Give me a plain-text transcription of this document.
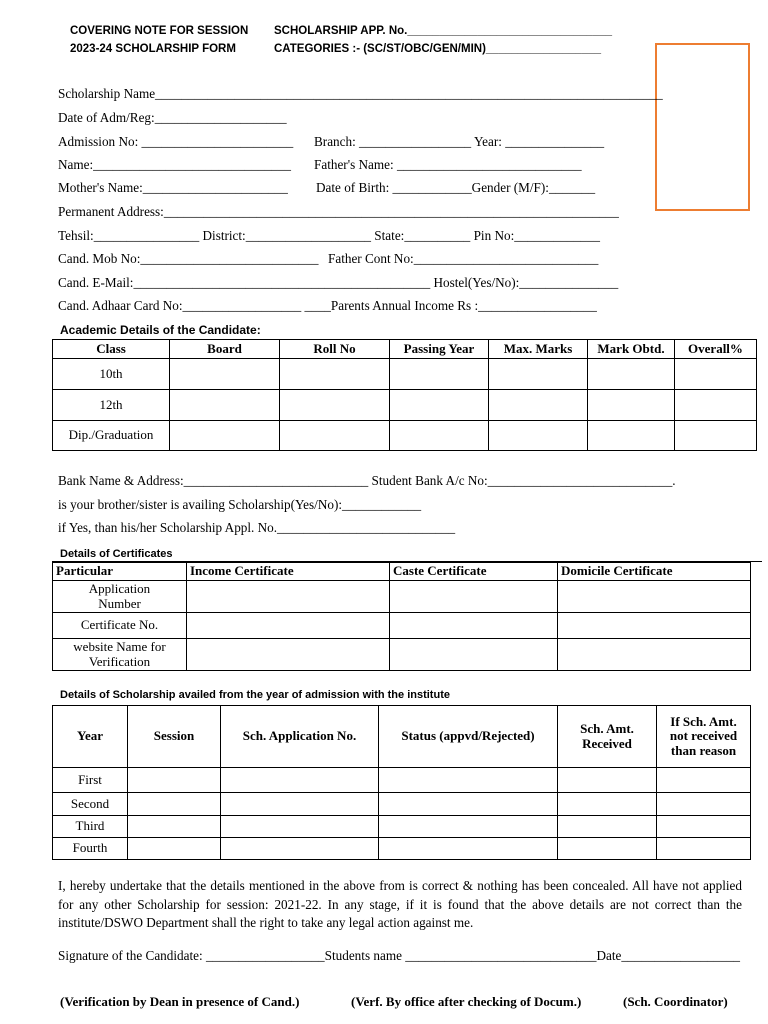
COVERING NOTE FOR SESSION
2023-24 SCHOLARSHIP FORM
SCHOLARSHIP APP. No.________________________________
CATEGORIES :- (SC/ST/OBC/GEN/MIN)__________________
Scholarship Name_____________________________________________________________________________
Date of Adm/Reg:____________________
Admission No: _______________________ Branch: _________________ Year: _______________
Name:______________________________ Father's Name: ____________________________
Mother's Name:______________________ Date of Birth: ____________Gender (M/F):_______
Permanent Address:_____________________________________________________________________
Tehsil:________________ District:___________________ State:__________ Pin No:_____________
Cand. Mob No:___________________________ Father Cont No:____________________________
Cand. E-Mail:_____________________________________________ Hostel(Yes/No):_______________
Cand. Adhaar Card No:__________________ ____Parents Annual Income Rs :__________________
Academic Details of the Candidate:
Class	Board	Roll No	Passing Year	Max. Marks	Mark Obtd.	Overall%
10th						
12th						
Dip./Graduation						
Bank Name & Address:____________________________ Student Bank A/c No:____________________________.
is your brother/sister is availing Scholarship(Yes/No):____________
if Yes, than his/her Scholarship Appl. No.___________________________
Details of Certificates
Particular	Income Certificate	Caste Certificate	Domicile Certificate
Application Number			
Certificate No.			
website Name for Verification			
Details of Scholarship availed from the year of admission with the institute
Year	Session	Sch. Application No.	Status (appvd/Rejected)	Sch. Amt. Received	If Sch. Amt. not received than reason
First					
Second					
Third					
Fourth					
I, hereby undertake that the details mentioned in the above from is correct & nothing has been concealed. All have not applied for any other Scholarship for session: 2021-22. In any stage, if it is found that the above details are not correct than the institute/DSWO Department shall the right to take any legal action against me.
Signature of the Candidate: __________________Students name _____________________________Date__________________
(Verification by Dean in presence of Cand.)	(Verf. By office after checking of Docum.)	(Sch. Coordinator)
